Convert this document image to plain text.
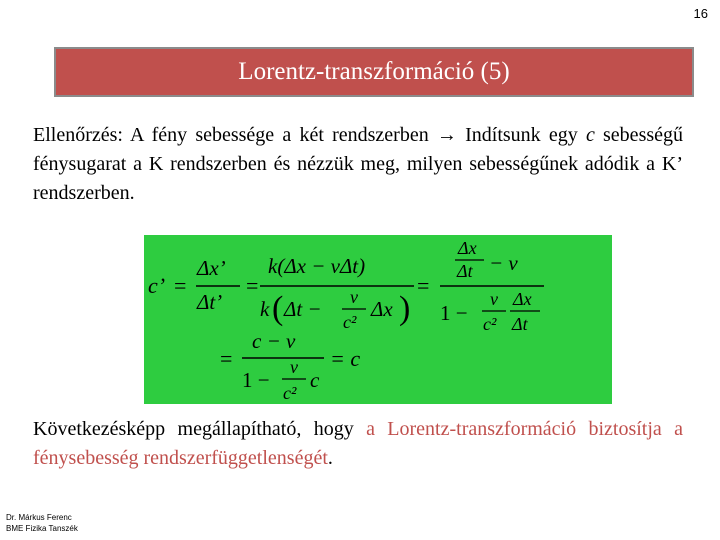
16
Lorentz-transzformáció (5)
Ellenőrzés: A fény sebessége a két rendszerben → Indítsunk egy c sebességű fénysugarat a K rendszerben és nézzük meg, milyen sebességűnek adódik a K’ rendszerben.
c’ =
Δx’
Δt’
=
k(Δx − vΔt)
k ( Δt − v
c²
Δx )
=
Δx
Δt − v
1 −
v
c²
Δx
Δt
=
c − v
1 −
v
c²
c
= c
Következésképp megállapítható, hogy a Lorentz-transzformáció biztosítja a fénysebesség rendszerfüggetlenségét.
Dr. Márkus Ferenc
BME Fizika Tanszék
